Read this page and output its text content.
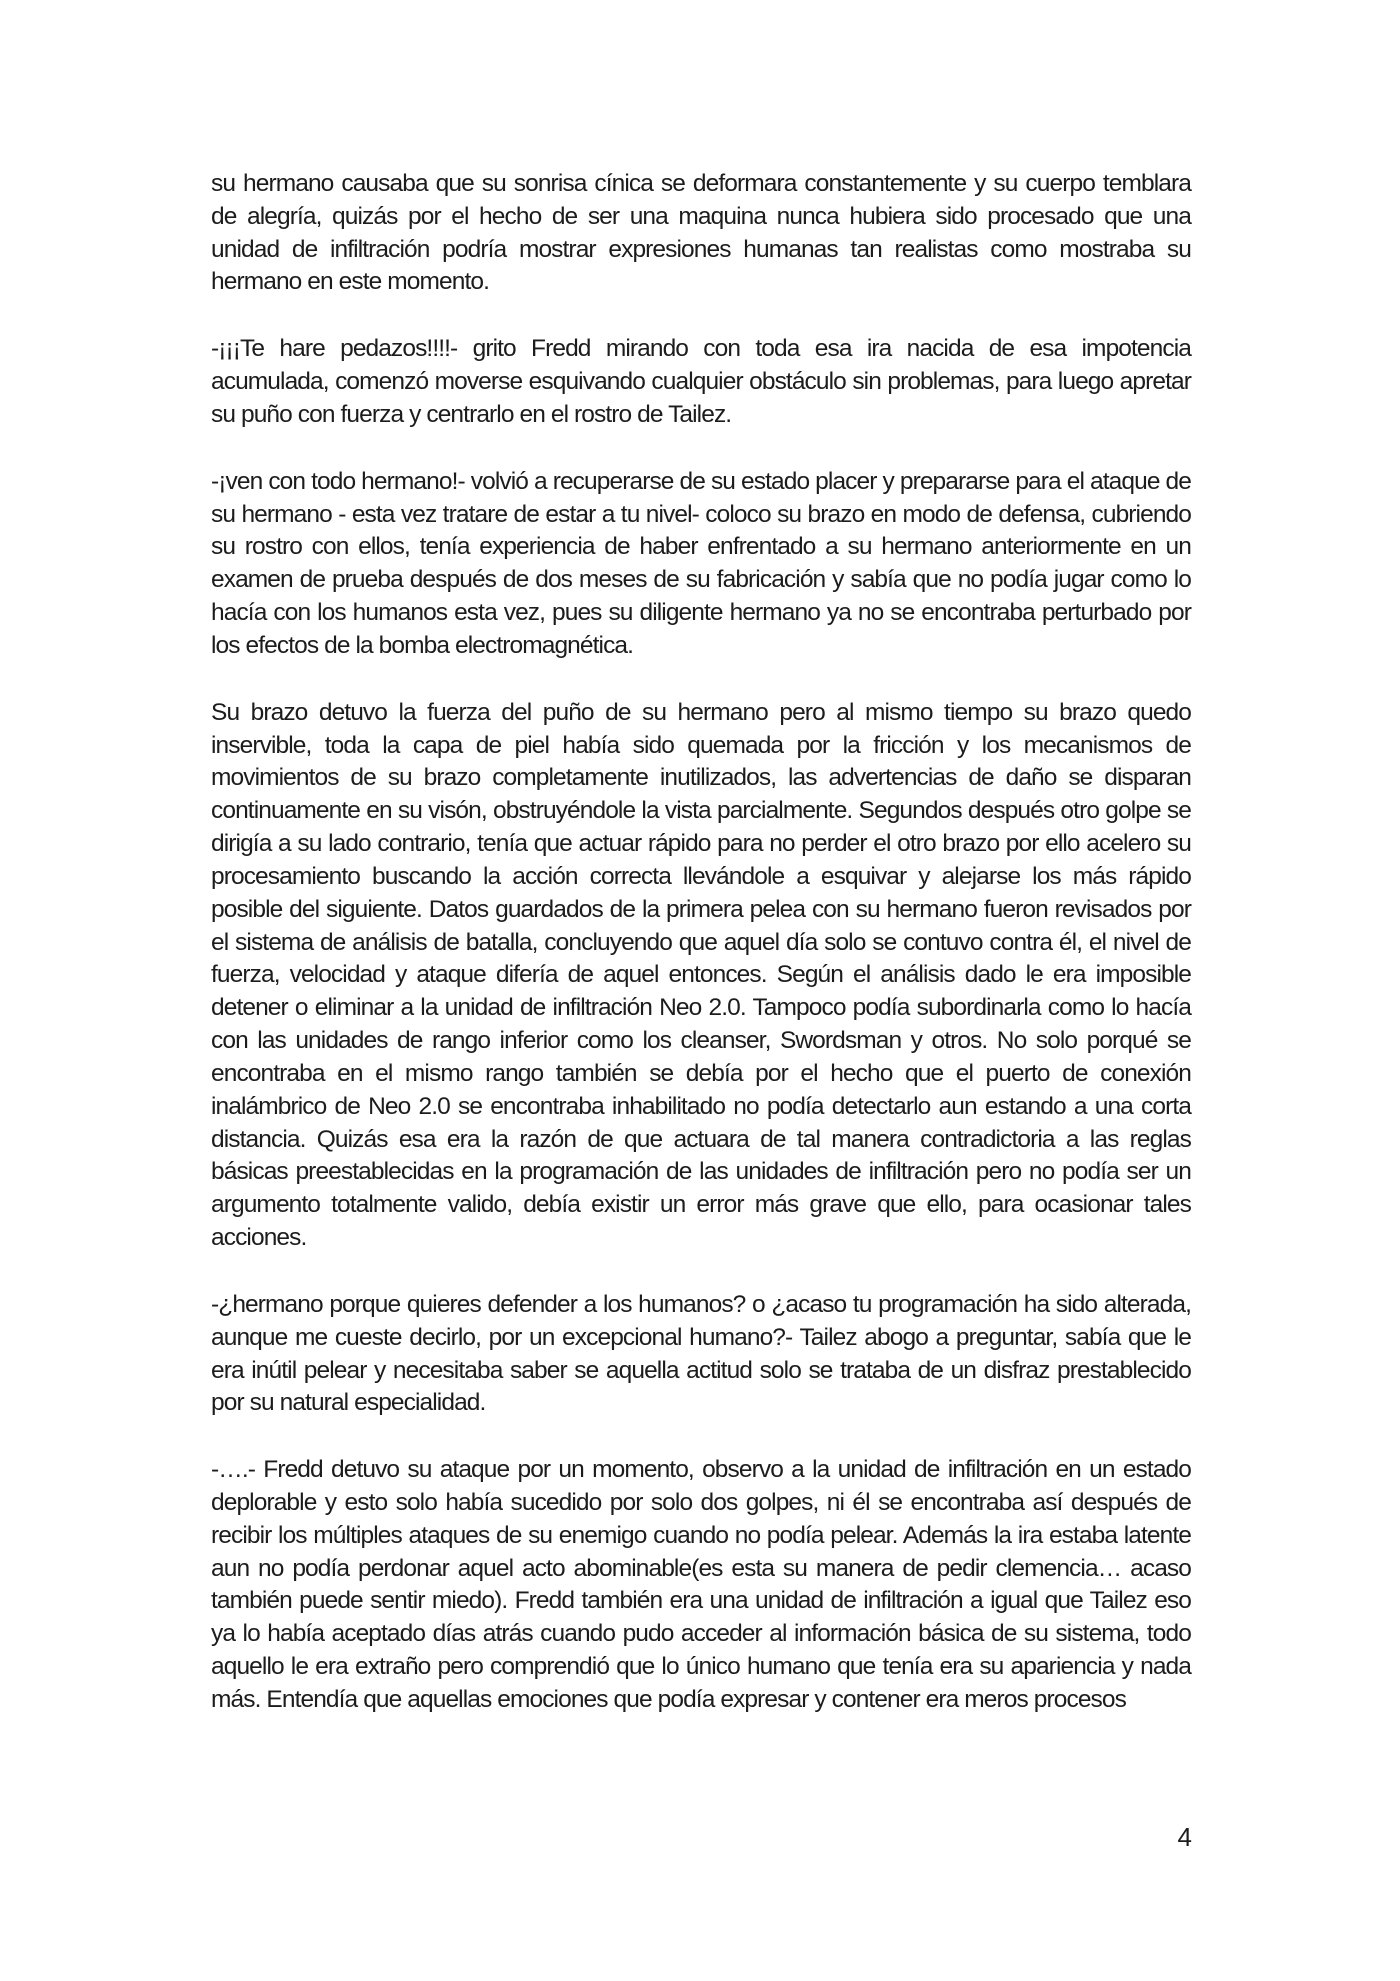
su hermano causaba que su sonrisa cínica se deformara constantemente y su cuerpo temblara de alegría, quizás por el hecho de ser una maquina nunca hubiera sido procesado que una unidad de infiltración podría mostrar expresiones humanas tan realistas como mostraba su hermano en este momento.

-¡¡¡Te hare pedazos!!!!- grito Fredd mirando con toda esa ira nacida de esa impotencia acumulada, comenzó moverse esquivando cualquier obstáculo sin problemas, para luego apretar su puño con fuerza y centrarlo en el rostro de Tailez.

-¡ven con todo hermano!- volvió a recuperarse de su estado placer y prepararse para el ataque de su hermano - esta vez tratare de estar a tu nivel- coloco su brazo en modo de defensa, cubriendo su rostro con ellos, tenía experiencia de haber enfrentado a su hermano anteriormente en un examen de prueba después de dos meses de su fabricación y sabía que no podía jugar como lo hacía con los humanos esta vez, pues su diligente hermano ya no se encontraba perturbado por los efectos de la bomba electromagnética.

Su brazo detuvo la fuerza del puño de su hermano pero al mismo tiempo su brazo quedo inservible, toda la capa de piel había sido quemada por la fricción y los mecanismos de movimientos de su brazo completamente inutilizados, las advertencias de daño se disparan continuamente en su visón, obstruyéndole la vista parcialmente. Segundos después otro golpe se dirigía a su lado contrario, tenía que actuar rápido para no perder el otro brazo por ello acelero su procesamiento buscando la acción correcta llevándole a esquivar y alejarse los más rápido posible del siguiente. Datos guardados de la primera pelea con su hermano fueron revisados por el sistema de análisis de batalla, concluyendo que aquel día solo se contuvo contra él, el nivel de fuerza, velocidad y ataque difería de aquel entonces. Según el análisis dado le era imposible detener o eliminar a la unidad de infiltración Neo 2.0. Tampoco podía subordinarla como lo hacía con las unidades de rango inferior como los cleanser, Swordsman y otros. No solo porqué se encontraba en el mismo rango también se debía por el hecho que el puerto de conexión inalámbrico de Neo 2.0 se encontraba inhabilitado no podía detectarlo aun estando a una corta distancia. Quizás esa era la razón de que actuara de tal manera contradictoria a las reglas básicas preestablecidas en la programación de las unidades de infiltración pero no podía ser un argumento totalmente valido, debía existir un error más grave que ello, para ocasionar tales acciones.

-¿hermano porque quieres defender a los humanos? o ¿acaso tu programación ha sido alterada, aunque me cueste decirlo, por un excepcional humano?- Tailez abogo a preguntar, sabía que le era inútil pelear y necesitaba saber se aquella actitud solo se trataba de un disfraz prestablecido por su natural especialidad.

-….- Fredd detuvo su ataque por un momento, observo a la unidad de infiltración en un estado deplorable y esto solo había sucedido por solo dos golpes, ni él se encontraba así después de recibir los múltiples ataques de su enemigo cuando no podía pelear. Además la ira estaba latente aun no podía perdonar aquel acto abominable(es esta su manera de pedir clemencia… acaso también puede sentir miedo). Fredd también era una unidad de infiltración a igual que Tailez eso ya lo había aceptado días atrás cuando pudo acceder al información básica de su sistema, todo aquello le era extraño pero comprendió que lo único humano que tenía era su apariencia y nada más. Entendía que aquellas emociones que podía expresar y contener era meros procesos

4
